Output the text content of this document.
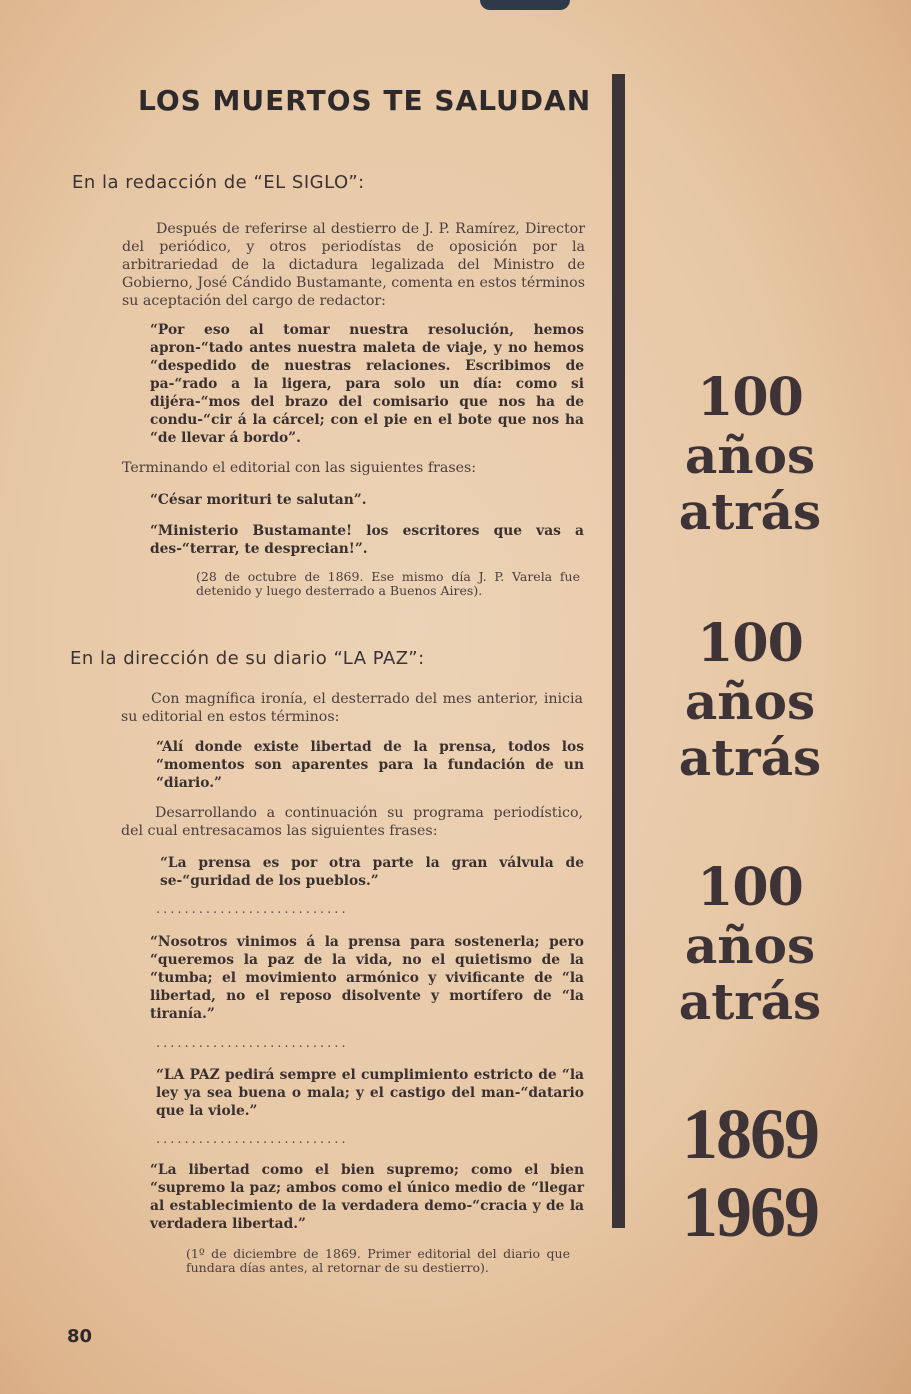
LOS MUERTOS TE SALUDAN
En la redacción de “EL SIGLO”:

Después de referirse al destierro de J. P. Ramírez, Director del periódico, y otros periodístas de oposición por la arbitrariedad de la dictadura legalizada del Ministro de Gobierno, José Cándido Bustamante, comenta en estos términos su aceptación del cargo de redactor:

“Por eso al tomar nuestra resolución, hemos apron-“tado antes nuestra maleta de viaje, y no hemos “despedido de nuestras relaciones. Escribimos de pa-“rado a la ligera, para solo un día: como si dijéra-“mos del brazo del comisario que nos ha de condu-“cir á la cárcel; con el pie en el bote que nos ha “de llevar á bordo”.

Terminando el editorial con las siguientes frases:

“César morituri te salutan”.

“Ministerio Bustamante! los escritores que vas a des-“terrar, te desprecian!”.

(28 de octubre de 1869. Ese mismo día J. P. Varela fue detenido y luego desterrado a Buenos Aires).

En la dirección de su diario “LA PAZ”:

Con magnífica ironía, el desterrado del mes anterior, inicia su editorial en estos términos:

“Alí donde existe libertad de la prensa, todos los “momentos son aparentes para la fundación de un “diario.”

Desarrollando a continuación su programa periodístico, del cual entresacamos las siguientes frases:

“La prensa es por otra parte la gran válvula de se-“guridad de los pueblos.”

...........................

“Nosotros vinimos á la prensa para sostenerla; pero “queremos la paz de la vida, no el quietismo de la “tumba; el movimiento armónico y vivificante de “la libertad, no el reposo disolvente y mortífero de “la tiranía.”

...........................

“LA PAZ pedirá sempre el cumplimiento estricto de “la ley ya sea buena o mala; y el castigo del man-“datario que la viole.”

...........................

“La libertad como el bien supremo; como el bien “supremo la paz; ambos como el único medio de “llegar al establecimiento de la verdadera demo-“cracia y de la verdadera libertad.”

(1º de diciembre de 1869. Primer editorial del diario que fundara días antes, al retornar de su destierro).

100
años
atrás
100
años
atrás
100
años
atrás
1869
1969
80
